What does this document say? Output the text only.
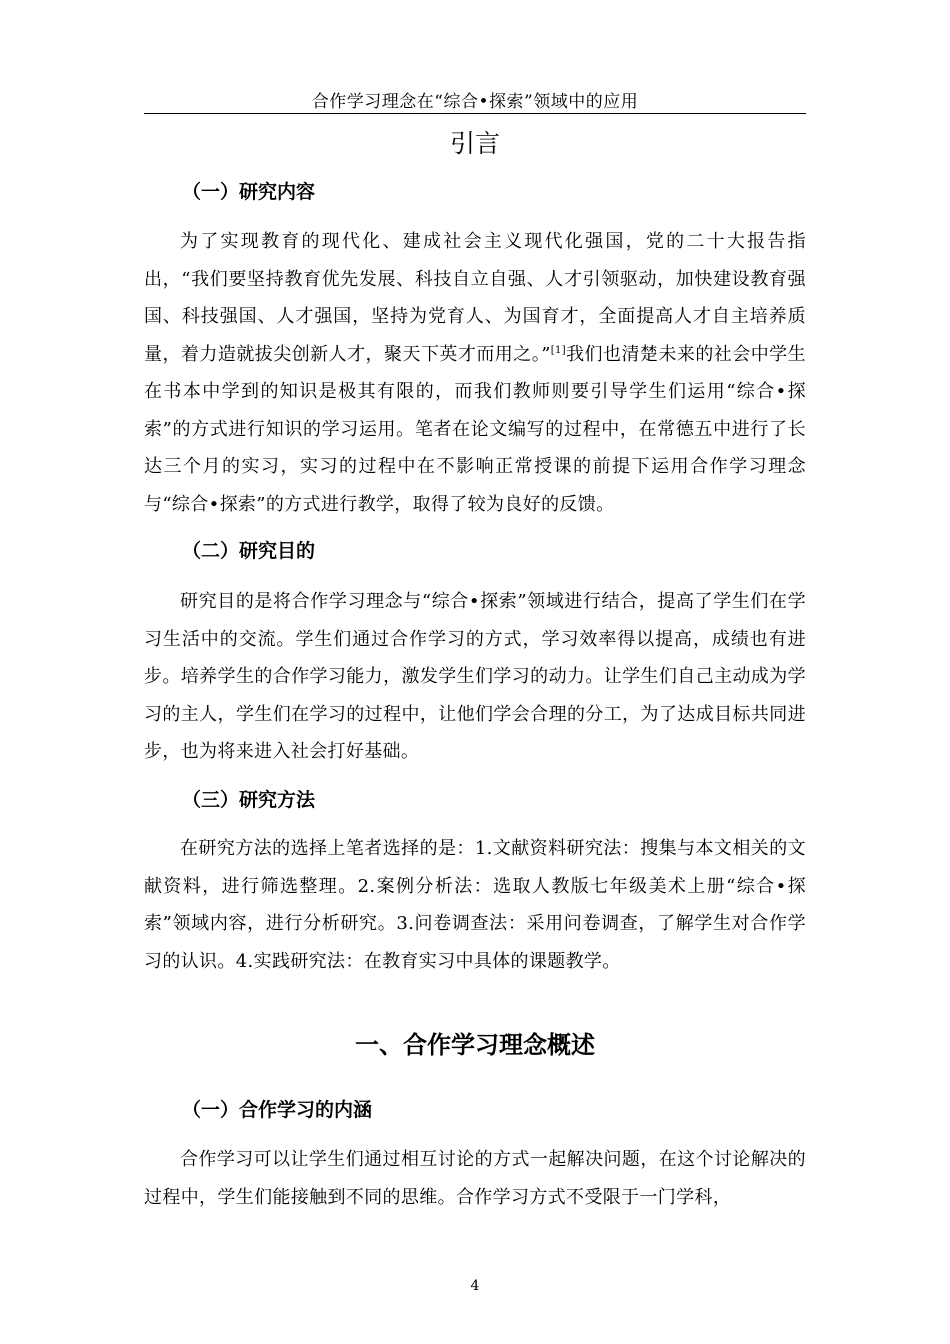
合作学习理念在“综合•探索”领域中的应用
引言
（一）研究内容
为了实现教育的现代化、建成社会主义现代化强国，党的二十大报告指出，“我们要坚持教育优先发展、科技自立自强、人才引领驱动，加快建设教育强国、科技强国、人才强国，坚持为党育人、为国育才，全面提高人才自主培养质量，着力造就拔尖创新人才，聚天下英才而用之。”[1]我们也清楚未来的社会中学生在书本中学到的知识是极其有限的，而我们教师则要引导学生们运用“综合•探索”的方式进行知识的学习运用。笔者在论文编写的过程中，在常德五中进行了长达三个月的实习，实习的过程中在不影响正常授课的前提下运用合作学习理念与“综合•探索”的方式进行教学，取得了较为良好的反馈。
（二）研究目的
研究目的是将合作学习理念与“综合•探索”领域进行结合，提高了学生们在学习生活中的交流。学生们通过合作学习的方式，学习效率得以提高，成绩也有进步。培养学生的合作学习能力，激发学生们学习的动力。让学生们自己主动成为学习的主人，学生们在学习的过程中，让他们学会合理的分工，为了达成目标共同进步，也为将来进入社会打好基础。
（三）研究方法
在研究方法的选择上笔者选择的是：1.文献资料研究法：搜集与本文相关的文献资料，进行筛选整理。2.案例分析法：选取人教版七年级美术上册“综合•探索”领域内容，进行分析研究。3.问卷调查法：采用问卷调查，了解学生对合作学习的认识。4.实践研究法：在教育实习中具体的课题教学。
一、合作学习理念概述
（一）合作学习的内涵
合作学习可以让学生们通过相互讨论的方式一起解决问题，在这个讨论解决的过程中，学生们能接触到不同的思维。合作学习方式不受限于一门学科，
4
